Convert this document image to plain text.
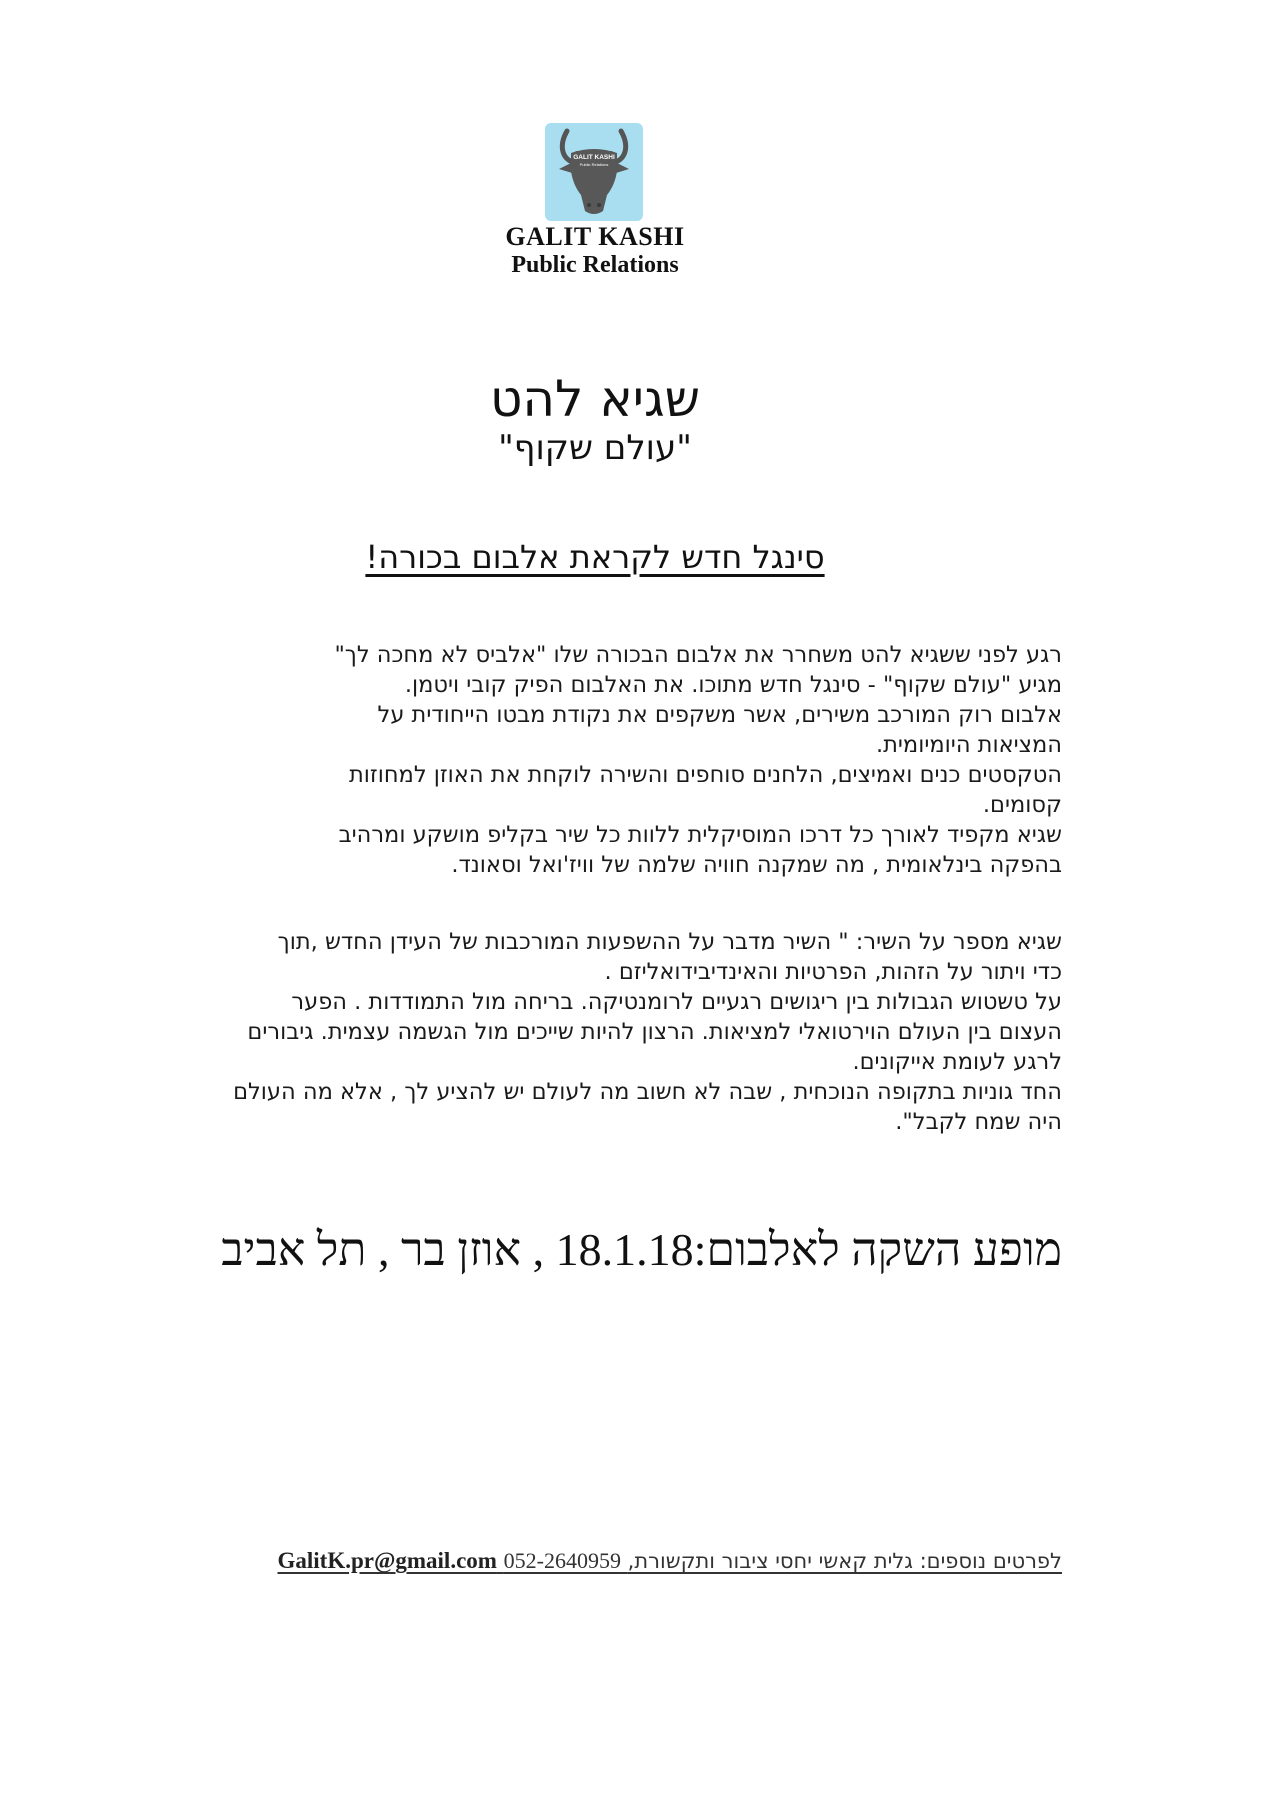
GALIT KASHI
Public Relations
GALIT KASHI
Public Relations
שגיא להט
"עולם שקוף"
סינגל חדש לקראת אלבום בכורה!

רגע לפני ששגיא להט משחרר את אלבום הבכורה שלו "אלביס לא מחכה לך"

מגיע "עולם שקוף" - סינגל חדש מתוכו. את האלבום הפיק קובי ויטמן.

אלבום רוק המורכב משירים, אשר משקפים את נקודת מבטו הייחודית על

המציאות היומיומית.

הטקסטים כנים ואמיצים, הלחנים סוחפים והשירה לוקחת את האוזן למחוזות

קסומים.

שגיא מקפיד לאורך כל דרכו המוסיקלית ללוות כל שיר בקליפ מושקע ומרהיב

בהפקה בינלאומית , מה שמקנה חוויה שלמה של וויז'ואל וסאונד.

שגיא מספר על השיר: " השיר מדבר על ההשפעות המורכבות של העידן החדש ,תוך

כדי ויתור על הזהות, הפרטיות והאינדיבידואליזם .

על טשטוש הגבולות בין ריגושים רגעיים לרומנטיקה. בריחה מול התמודדות . הפער

העצום בין העולם הוירטואלי למציאות. הרצון להיות שייכים מול הגשמה עצמית. גיבורים

לרגע לעומת אייקונים.

החד גוניות בתקופה הנוכחית , שבה לא חשוב מה לעולם יש להציע לך , אלא מה העולם

היה שמח לקבל".

מופע השקה לאלבום:18.1.18 , אוזן בר , תל אביב
לפרטים נוספים: גלית קאשי יחסי ציבור ותקשורת, 052-2640959 GalitK.pr@gmail.com
